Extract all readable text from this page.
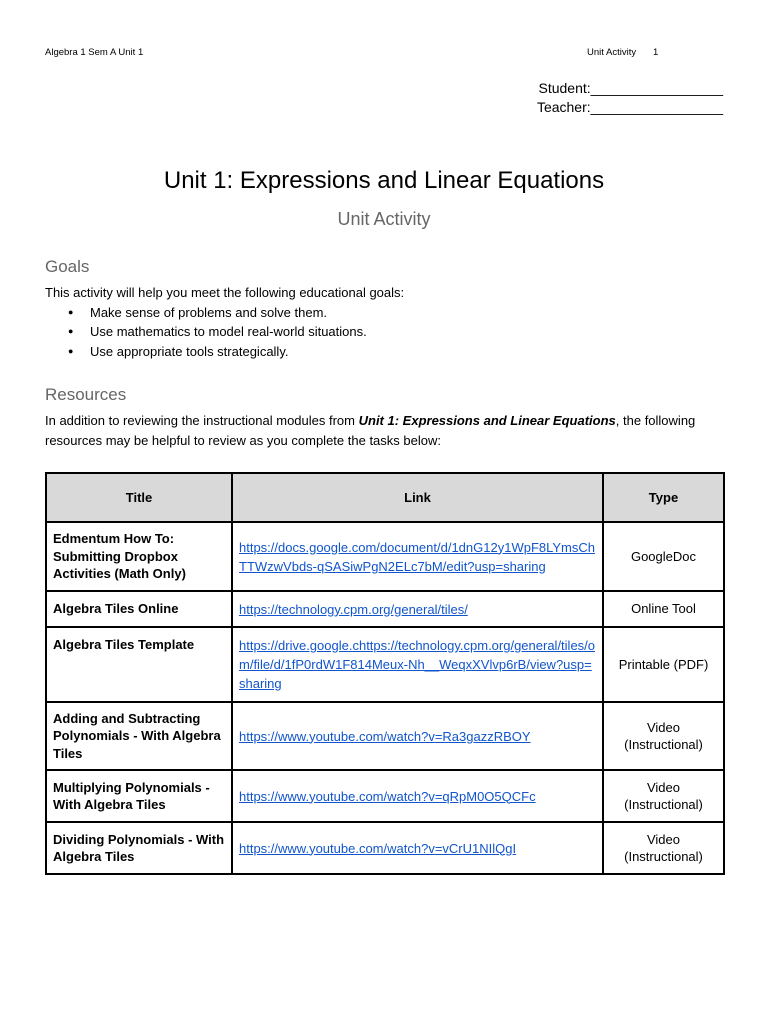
Algebra 1 Sem A Unit 1	Unit Activity 1
Student:_________________
Teacher:_________________
Unit 1: Expressions and Linear Equations
Unit Activity
Goals

This activity will help you meet the following educational goals:

● Make sense of problems and solve them.
● Use mathematics to model real-world situations.
● Use appropriate tools strategically.
Resources

In addition to reviewing the instructional modules from Unit 1: Expressions and Linear Equations, the following resources may be helpful to review as you complete the tasks below:

Title	Link	Type
Edmentum How To: Submitting Dropbox Activities (Math Only)	https://docs.google.com/document/d/1dnG12y1WpF8LYmsChTTWzwVbds-qSASiwPgN2ELc7bM/edit?usp=sharing	GoogleDoc
Algebra Tiles Online	https://technology.cpm.org/general/tiles/	Online Tool
Algebra Tiles Template	https://drive.google.chttps://technology.cpm.org/general/tiles/om/file/d/1fP0rdW1F814Meux-Nh__WeqxXVlvp6rB/view?usp=sharing	Printable (PDF)
Adding and Subtracting Polynomials - With Algebra Tiles	https://www.youtube.com/watch?v=Ra3gazzRBOY	Video (Instructional)
Multiplying Polynomials - With Algebra Tiles	https://www.youtube.com/watch?v=qRpM0O5QCFc	Video (Instructional)
Dividing Polynomials - With Algebra Tiles	https://www.youtube.com/watch?v=vCrU1NIlQgI	Video (Instructional)
